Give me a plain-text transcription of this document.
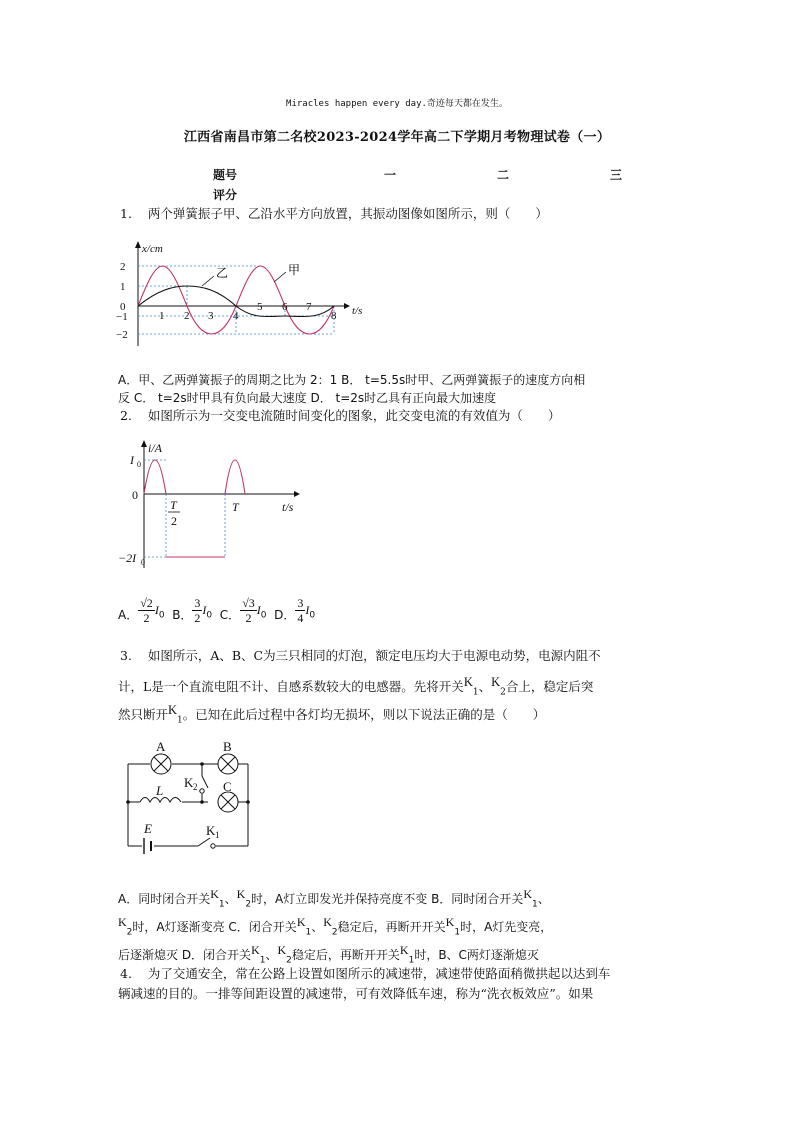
Miracles happen every day.奇迹每天都在发生。
江西省南昌市第二名校2023-2024学年高二下学期月考物理试卷（一）
题号	一	二	三
评分
1. 两个弹簧振子甲、乙沿水平方向放置，其振动图像如图所示，则（　　）
2
1
0
−1
−2
1 2 3 4
5 6 7
8
x/cm
t/s
乙	甲
A．甲、乙两弹簧振子的周期之比为 2：1 B． t=5.5s时甲、乙两弹簧振子的速度方向相
反 C． t=2s时甲具有负向最大速度 D． t=2s时乙具有正向最大加速度
2. 如图所示为一交变电流随时间变化的图象，此交变电流的有效值为（　　）
i/A
t/s
I 0
0
−2I 0
T
2
T
A． $\frac{√2}{2} I_0$ B． $\frac{3}{2} I_0$ C． $\frac{√3}{2} I_0$ D． $\frac{3}{4} I_0$
3. 如图所示，A、B、C为三只相同的灯泡，额定电压均大于电源电动势，电源内阻不
计，L是一个直流电阻不计、自感系数较大的电感器。先将开关$K_1$、$K_2$合上，稳定后突
然只断开$K_1$。已知在此后过程中各灯均无损坏，则以下说法正确的是（　　）
A	B
C
L
E
K 2
K 1
A．同时闭合开关$K_1$、$K_2$时，A灯立即发光并保持亮度不变 B．同时闭合开关$K_1$、
$K_2$时，A灯逐渐变亮 C．闭合开关$K_1$、$K_2$稳定后，再断开开关$K_1$时，A灯先变亮，
后逐渐熄灭 D．闭合开关$K_1$、$K_2$稳定后，再断开开关$K_1$时，B、C两灯逐渐熄灭
4. 为了交通安全，常在公路上设置如图所示的减速带，减速带使路面稍微拱起以达到车
辆减速的目的。一排等间距设置的减速带，可有效降低车速，称为“洗衣板效应”。如果
